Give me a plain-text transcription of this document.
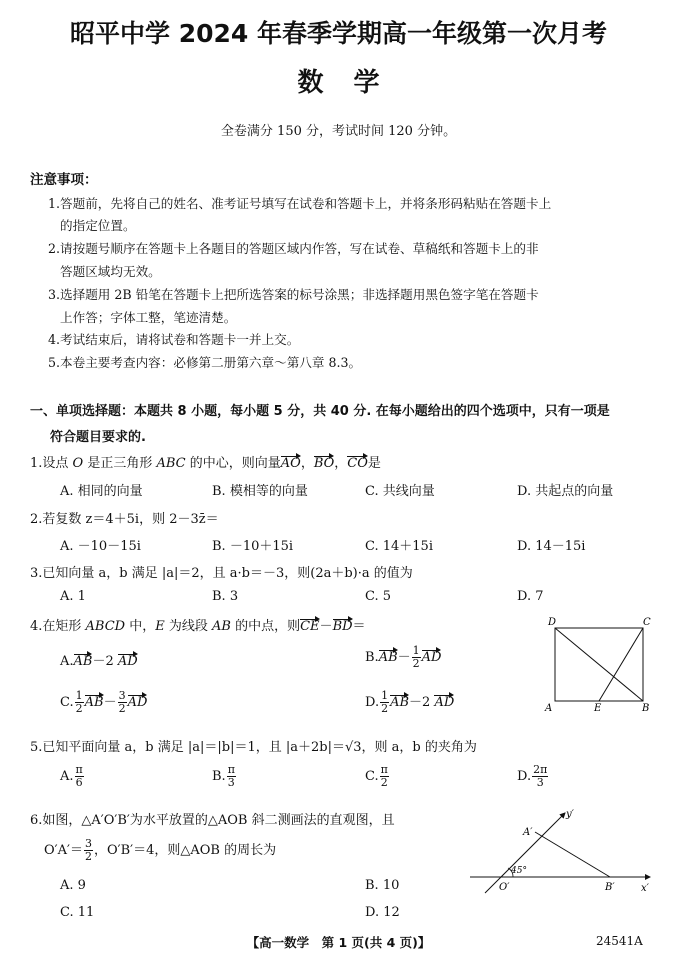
昭平中学 2024 年春季学期高一年级第一次月考
数学
全卷满分 150 分，考试时间 120 分钟。
注意事项：
1.答题前，先将自己的姓名、准考证号填写在试卷和答题卡上，并将条形码粘贴在答题卡上
的指定位置。
2.请按题号顺序在答题卡上各题目的答题区域内作答，写在试卷、草稿纸和答题卡上的非
答题区域均无效。
3.选择题用 2B 铅笔在答题卡上把所选答案的标号涂黑；非选择题用黑色签字笔在答题卡
上作答；字体工整，笔迹清楚。
4.考试结束后，请将试卷和答题卡一并上交。
5.本卷主要考查内容：必修第二册第六章～第八章 8.3。
一、单项选择题：本题共 8 小题，每小题 5 分，共 40 分. 在每小题给出的四个选项中，只有一项是
符合题目要求的.
1.设点 O 是正三角形 ABC 的中心，则向量AO，BO，CO是
A. 相同的向量	B. 模相等的向量	C. 共线向量	D. 共起点的向量
2.若复数 z＝4＋5i，则 2－3z̄＝
A. －10－15i	B. －10＋15i	C. 14＋15i	D. 14－15i
3.已知向量 a，b 满足 |a|＝2，且 a·b＝－3，则(2a＋b)·a 的值为
A. 1	B. 3	C. 5	D. 7
4.在矩形 ABCD 中，E 为线段 AB 的中点，则CE－BD＝
A.AB－2 AD	$B.AB- \frac{1}{2}$ AD
C. $\frac{1}{2} AB- \frac{3}{2}$ AD	D. $\frac{1}{2} AB-2$ AD
D	C
A	E	B
5.已知平面向量 a，b 满足 |a|＝|b|＝1，且 |a＋2b|＝√3，则 a，b 的夹角为
A. $\frac{\pi}{6}$	B. $\frac{\pi}{3}$	C. $\frac{\pi}{2}$	D. $\frac{2\pi}{3}$
6.如图，△A′O′B′为水平放置的△AOB 斜二测画法的直观图，且
$O'A'= \frac{3}{2}$ ，O′B′＝4，则△AOB 的周长为
A. 9	B. 10
C. 11	D. 12
y′
x′
A′
O′	B′
45°
【高一数学　第 1 页(共 4 页)】	24541A
